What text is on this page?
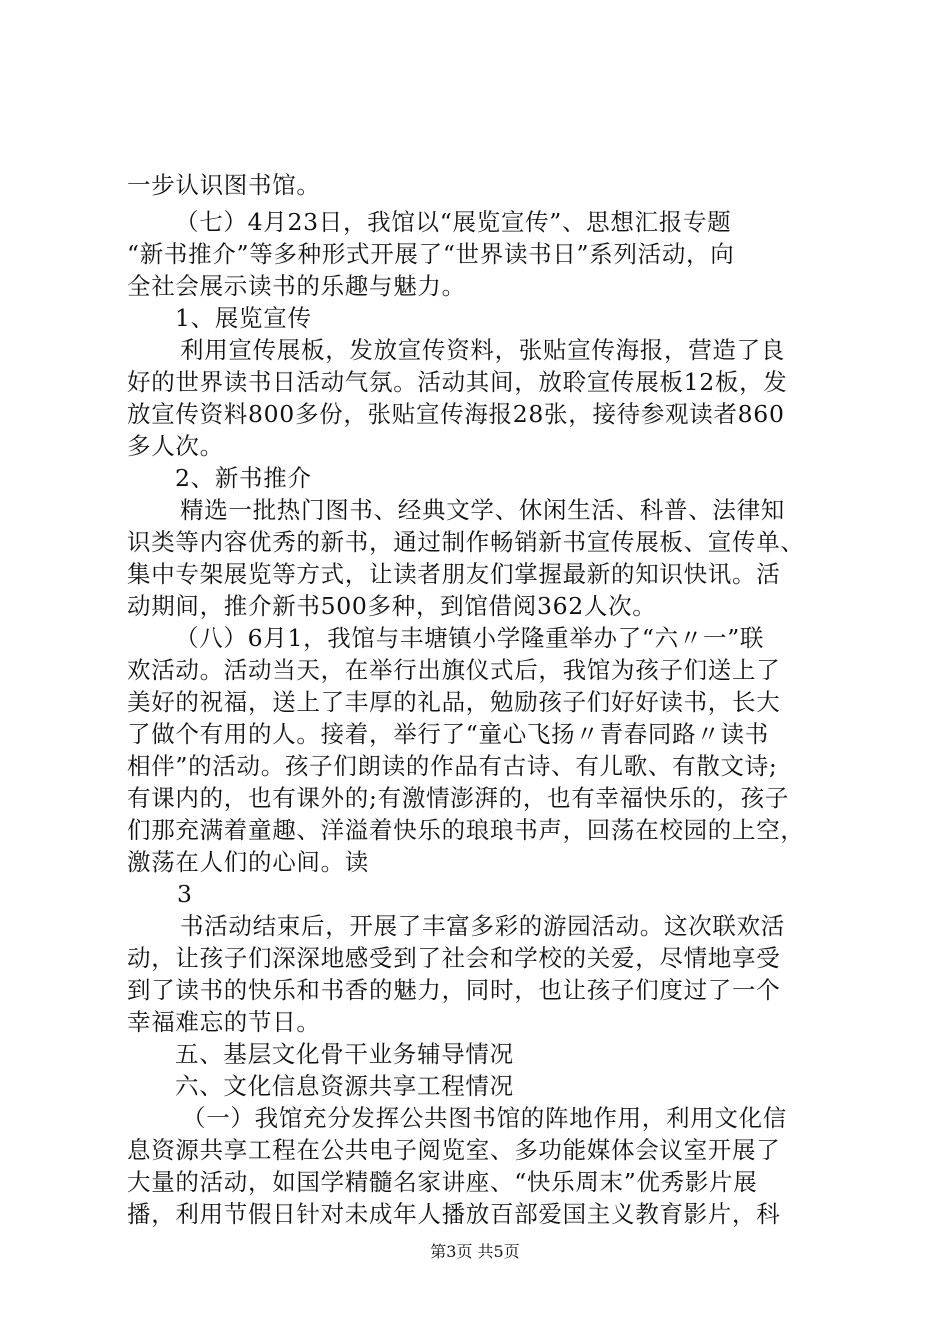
一步认识图书馆。
（七）4月23日，我馆以“展览宣传”、思想汇报专题
“新书推介”等多种形式开展了“世界读书日”系列活动，向
全社会展示读书的乐趣与魅力。
1、展览宣传
利用宣传展板，发放宣传资料，张贴宣传海报，营造了良
好的世界读书日活动气氛。活动其间，放聆宣传展板12板，发
放宣传资料800多份，张贴宣传海报28张，接待参观读者860
多人次。
2、新书推介
精选一批热门图书、经典文学、休闲生活、科普、法律知
识类等内容优秀的新书，通过制作畅销新书宣传展板、宣传单、
集中专架展览等方式，让读者朋友们掌握最新的知识快讯。活
动期间，推介新书500多种，到馆借阅362人次。
（八）6月1，我馆与丰塘镇小学隆重举办了“六〃一”联
欢活动。活动当天，在举行出旗仪式后，我馆为孩子们送上了
美好的祝福，送上了丰厚的礼品，勉励孩子们好好读书，长大
了做个有用的人。接着，举行了“童心飞扬〃青春同路〃读书
相伴”的活动。孩子们朗读的作品有古诗、有儿歌、有散文诗;
有课内的，也有课外的;有激情澎湃的，也有幸福快乐的，孩子
们那充满着童趣、洋溢着快乐的琅琅书声，回荡在校园的上空，
激荡在人们的心间。读
3
书活动结束后，开展了丰富多彩的游园活动。这次联欢活
动，让孩子们深深地感受到了社会和学校的关爱，尽情地享受
到了读书的快乐和书香的魅力，同时，也让孩子们度过了一个
幸福难忘的节日。
五、基层文化骨干业务辅导情况
六、文化信息资源共享工程情况
（一）我馆充分发挥公共图书馆的阵地作用，利用文化信
息资源共享工程在公共电子阅览室、多功能媒体会议室开展了
大量的活动，如国学精髓名家讲座、“快乐周末”优秀影片展
播，利用节假日针对未成年人播放百部爱国主义教育影片，科
第3页 共5页
